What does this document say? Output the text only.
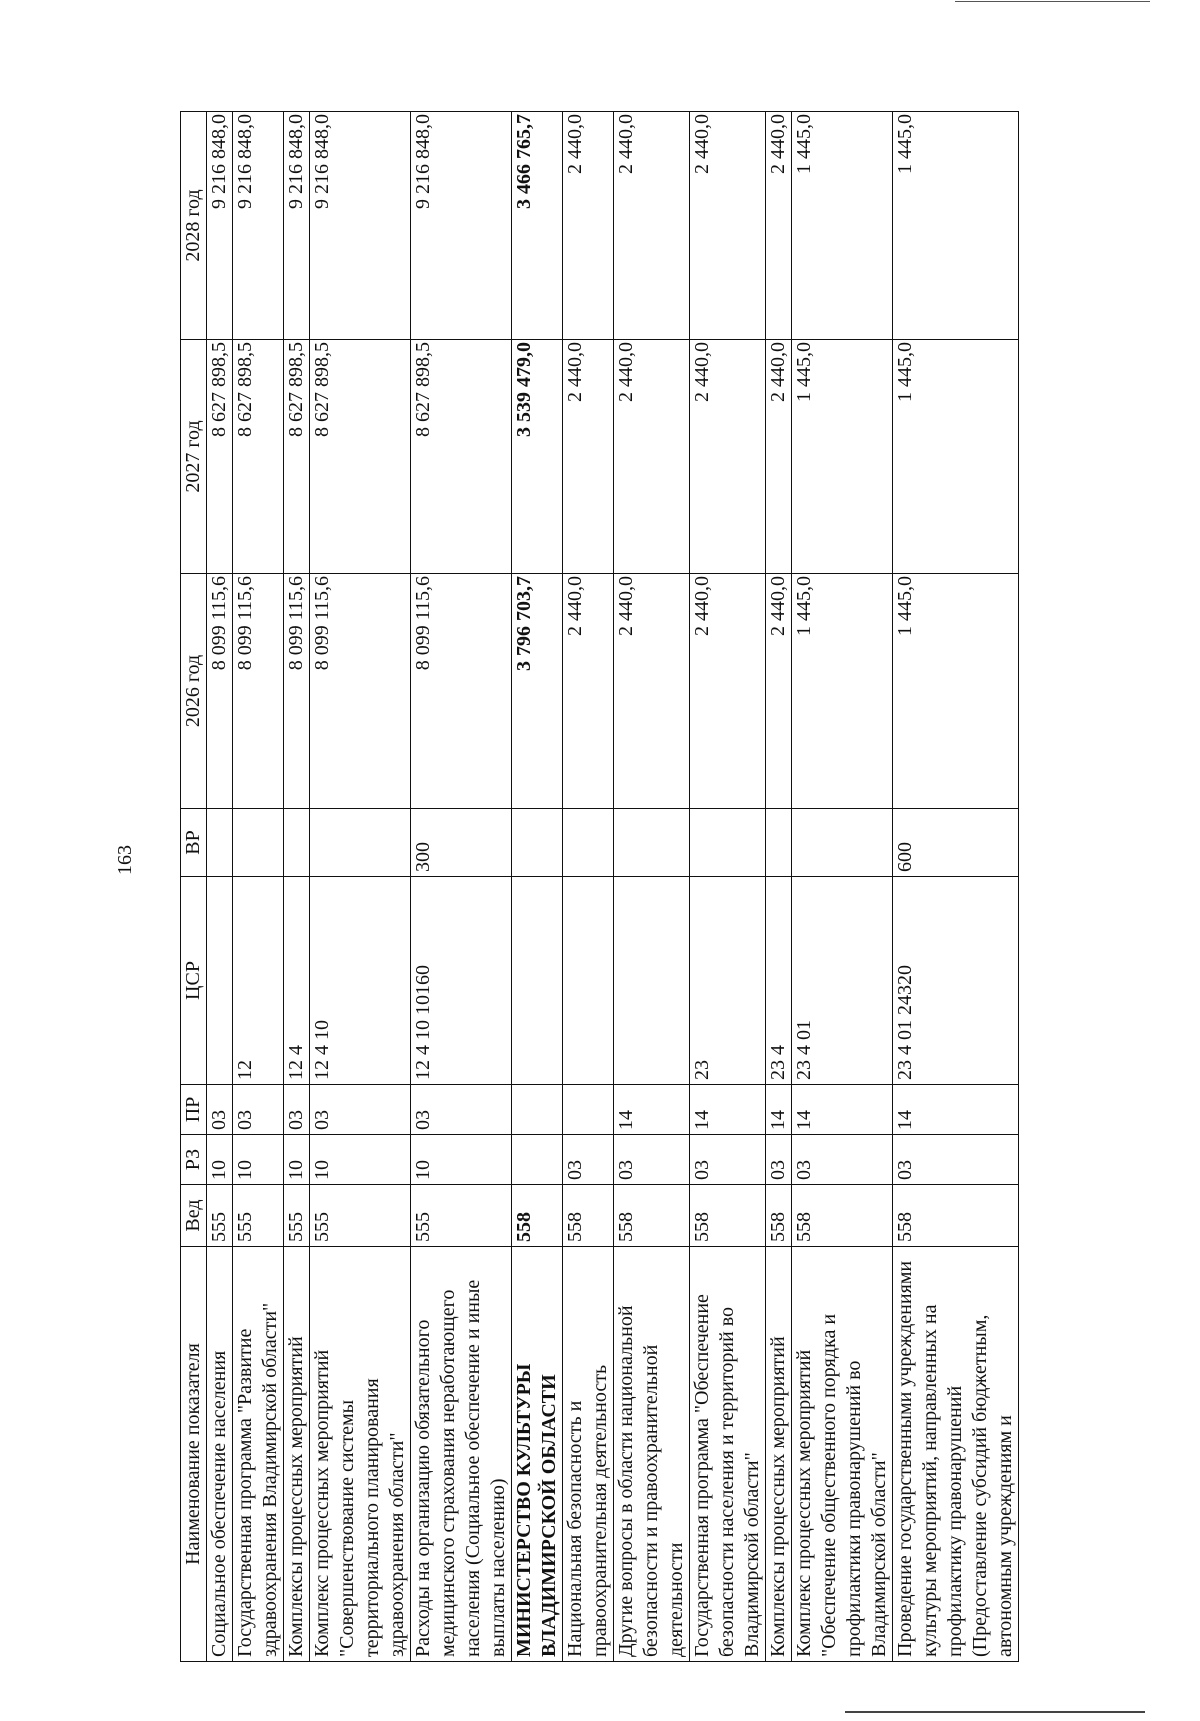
163
Наименование показателя	Вед	РЗ	ПР	ЦСР	ВР	2026 год	2027 год	2028 год
Социальное обеспечение населения	555	10	03			8 099 115,6	8 627 898,5	9 216 848,0
Государственная программа "Развитие здравоохранения Владимирской области"	555	10	03	12		8 099 115,6	8 627 898,5	9 216 848,0
Комплексы процессных мероприятий	555	10	03	12 4		8 099 115,6	8 627 898,5	9 216 848,0
Комплекс процессных мероприятий "Совершенствование системы территориального планирования здравоохранения области"	555	10	03	12 4 10		8 099 115,6	8 627 898,5	9 216 848,0
Расходы на организацию обязательного медицинского страхования неработающего населения (Социальное обеспечение и иные выплаты населению)	555	10	03	12 4 10 10160	300	8 099 115,6	8 627 898,5	9 216 848,0
МИНИСТЕРСТВО КУЛЬТУРЫ ВЛАДИМИРСКОЙ ОБЛАСТИ	558					3 796 703,7	3 539 479,0	3 466 765,7
Национальная безопасность и правоохранительная деятельность	558	03				2 440,0	2 440,0	2 440,0
Другие вопросы в области национальной безопасности и правоохранительной деятельности	558	03	14			2 440,0	2 440,0	2 440,0
Государственная программа "Обеспечение безопасности населения и территорий во Владимирской области"	558	03	14	23		2 440,0	2 440,0	2 440,0
Комплексы процессных мероприятий	558	03	14	23 4		2 440,0	2 440,0	2 440,0
Комплекс процессных мероприятий "Обеспечение общественного порядка и профилактики правонарушений во Владимирской области"	558	03	14	23 4 01		1 445,0	1 445,0	1 445,0
Проведение государственными учреждениями культуры мероприятий, направленных на профилактику правонарушений (Предоставление субсидий бюджетным, автономным учреждениям и	558	03	14	23 4 01 24320	600	1 445,0	1 445,0	1 445,0
